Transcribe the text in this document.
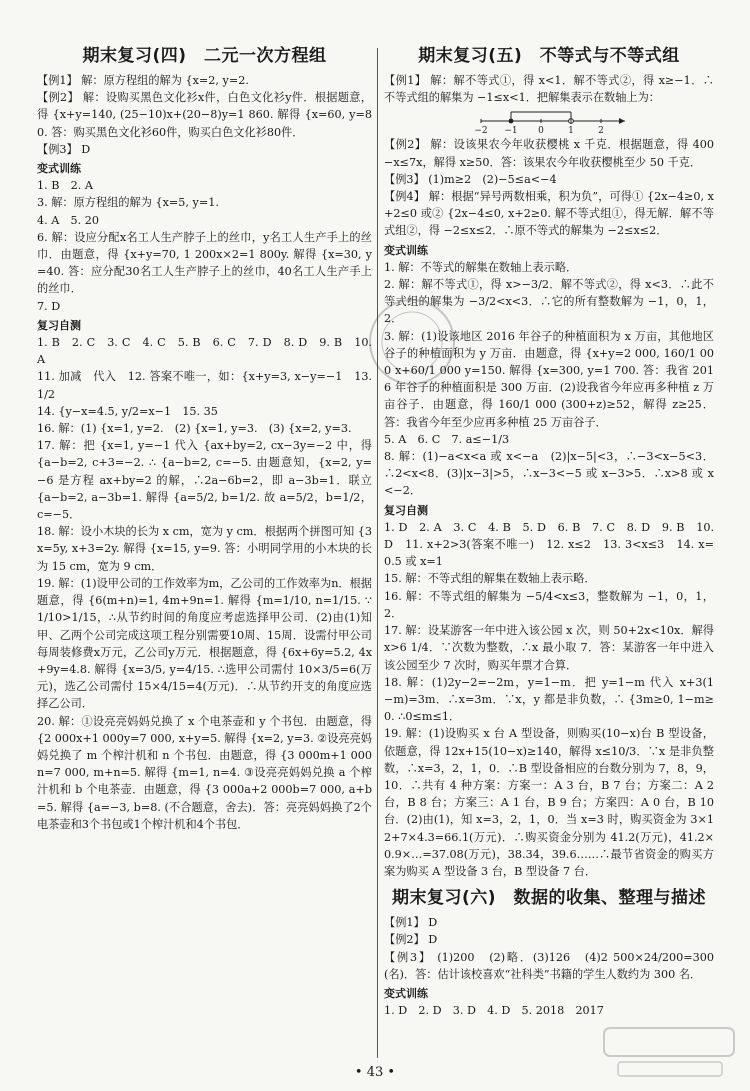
期末复习(四)　二元一次方程组

【例1】 解：原方程组的解为 {x=2, y=2.

【例2】 解：设购买黑色文化衫x件，白色文化衫y件．根据题意，得 {x+y=140, (25−10)x+(20−8)y=1 860. 解得 {x=60, y=80. 答：购买黑色文化衫60件，购买白色文化衫80件．

【例3】 D

变式训练

1. B　2. A

3. 解：原方程组的解为 {x=5, y=1.

4. A　5. 20

6. 解：设应分配x名工人生产脖子上的丝巾，y名工人生产手上的丝巾．由题意，得 {x+y=70, 1 200x×2=1 800y. 解得 {x=30, y=40. 答：应分配30名工人生产脖子上的丝巾，40名工人生产手上的丝巾．

7. D

复习自测

1. B　2. C　3. C　4. C　5. B　6. C　7. D　8. D　9. B　10. A

11. 加减　代入　12. 答案不唯一，如：{x+y=3, x−y=−1　13. 1/2

14. {y−x=4.5, y/2=x−1　15. 35

16. 解：(1) {x=1, y=2.　(2) {x=1, y=3.　(3) {x=2, y=3.

17. 解：把 {x=1, y=−1 代入 {ax+by=2, cx−3y=−2 中，得 {a−b=2, c+3=−2. ∴ {a−b=2, c=−5. 由题意知，{x=2, y=−6 是方程 ax+by=2 的解，∴2a−6b=2，即 a−3b=1．联立 {a−b=2, a−3b=1. 解得 {a=5/2, b=1/2. 故 a=5/2，b=1/2，c=−5．

18. 解：设小木块的长为 x cm，宽为 y cm．根据两个拼图可知 {3x=5y, x+3=2y. 解得 {x=15, y=9. 答：小明同学用的小木块的长为 15 cm，宽为 9 cm．

19. 解：(1)设甲公司的工作效率为m，乙公司的工作效率为n．根据题意，得 {6(m+n)=1, 4m+9n=1. 解得 {m=1/10, n=1/15. ∵1/10>1/15，∴从节约时间的角度应考虑选择甲公司．(2)由(1)知甲、乙两个公司完成这项工程分别需要10周、15周．设需付甲公司每周装修费x万元，乙公司y万元．根据题意，得 {6x+6y=5.2, 4x+9y=4.8. 解得 {x=3/5, y=4/15. ∴选甲公司需付 10×3/5=6(万元)，选乙公司需付 15×4/15=4(万元)．∴从节约开支的角度应选择乙公司．

20. 解：①设亮亮妈妈兑换了 x 个电茶壶和 y 个书包．由题意，得 {2 000x+1 000y=7 000, x+y=5. 解得 {x=2, y=3. ②设亮亮妈妈兑换了 m 个榨汁机和 n 个书包．由题意，得 {3 000m+1 000n=7 000, m+n=5. 解得 {m=1, n=4. ③设亮亮妈妈兑换 a 个榨汁机和 b 个电茶壶．由题意，得 {3 000a+2 000b=7 000, a+b=5. 解得 {a=−3, b=8. (不合题意，舍去)．答：亮亮妈妈换了2个电茶壶和3个书包或1个榨汁机和4个书包．

期末复习(五)　不等式与不等式组

【例1】 解：解不等式①，得 x<1．解不等式②，得 x≥−1．∴不等式组的解集为 −1≤x<1．把解集表示在数轴上为：

−2 −1 0	1	2

【例2】 解：设该果农今年收获樱桃 x 千克．根据题意，得 400−x≤7x，解得 x≥50．答：该果农今年收获樱桃至少 50 千克．

【例3】 (1)m≥2　(2)−5≤a<−4

【例4】 解：根据“异号两数相乘，积为负”，可得① {2x−4≥0, x+2≤0 或② {2x−4≤0, x+2≥0. 解不等式组①，得无解．解不等式组②，得 −2≤x≤2．∴原不等式的解集为 −2≤x≤2．

变式训练

1. 解：不等式的解集在数轴上表示略．

2. 解：解不等式①，得 x>−3/2．解不等式②，得 x<3．∴此不等式组的解集为 −3/2<x<3．∴它的所有整数解为 −1，0，1，2．

3. 解：(1)设该地区 2016 年谷子的种植面积为 x 万亩，其他地区谷子的种植面积为 y 万亩．由题意，得 {x+y=2 000, 160/1 000 x+60/1 000 y=150. 解得 {x=300, y=1 700. 答：我省 2016 年谷子的种植面积是 300 万亩．(2)设我省今年应再多种植 z 万亩谷子．由题意，得 160/1 000 (300+z)≥52，解得 z≥25．答：我省今年至少应再多种植 25 万亩谷子．

5. A　6. C　7. a≤−1/3

8. 解：(1)−a<x<a 或 x<−a　(2)|x−5|<3，∴−3<x−5<3．∴2<x<8．(3)|x−3|>5，∴x−3<−5 或 x−3>5．∴x>8 或 x<−2．

复习自测

1. D　2. A　3. C　4. B　5. D　6. B　7. C　8. D　9. B　10. D　11. x+2>3(答案不唯一)　12. x≤2　13. 3<x≤3　14. x=0.5 或 x=1

15. 解：不等式组的解集在数轴上表示略．

16. 解：不等式组的解集为 −5/4<x≤3，整数解为 −1，0，1，2．

17. 解：设某游客一年中进入该公园 x 次，则 50+2x<10x．解得 x>6 1/4．∵次数为整数，∴x 最小取 7．答：某游客一年中进入该公园至少 7 次时，购买年票才合算．

18. 解：(1)2y−2=−2m，y=1−m．把 y=1−m 代入 x+3(1−m)=3m．∴x=3m．∵x，y 都是非负数，∴ {3m≥0, 1−m≥0. ∴0≤m≤1．

19. 解：(1)设购买 x 台 A 型设备，则购买(10−x)台 B 型设备，依题意，得 12x+15(10−x)≥140，解得 x≤10/3．∵x 是非负整数，∴x=3，2，1，0．∴B 型设备相应的台数分别为 7，8，9，10．∴共有 4 种方案：方案一：A 3 台，B 7 台；方案二：A 2 台，B 8 台；方案三：A 1 台，B 9 台；方案四：A 0 台，B 10 台．(2)由(1)，知 x=3，2，1，0．当 x=3 时，购买资金为 3×12+7×4.3=66.1(万元)．∴购买资金分别为 41.2(万元)，41.2×0.9×…=37.08(万元)，38.34，39.6……∴最节省资金的购买方案为购买 A 型设备 3 台，B 型设备 7 台．

期末复习(六)　数据的收集、整理与描述

【例1】 D

【例2】 D

【例3】 (1)200　(2)略．(3)126　(4)2 500×24/200=300(名)．答：估计该校喜欢“社科类”书籍的学生人数约为 300 名．

变式训练

1. D　2. D　3. D　4. D　5. 2018　2017

• 43 •
